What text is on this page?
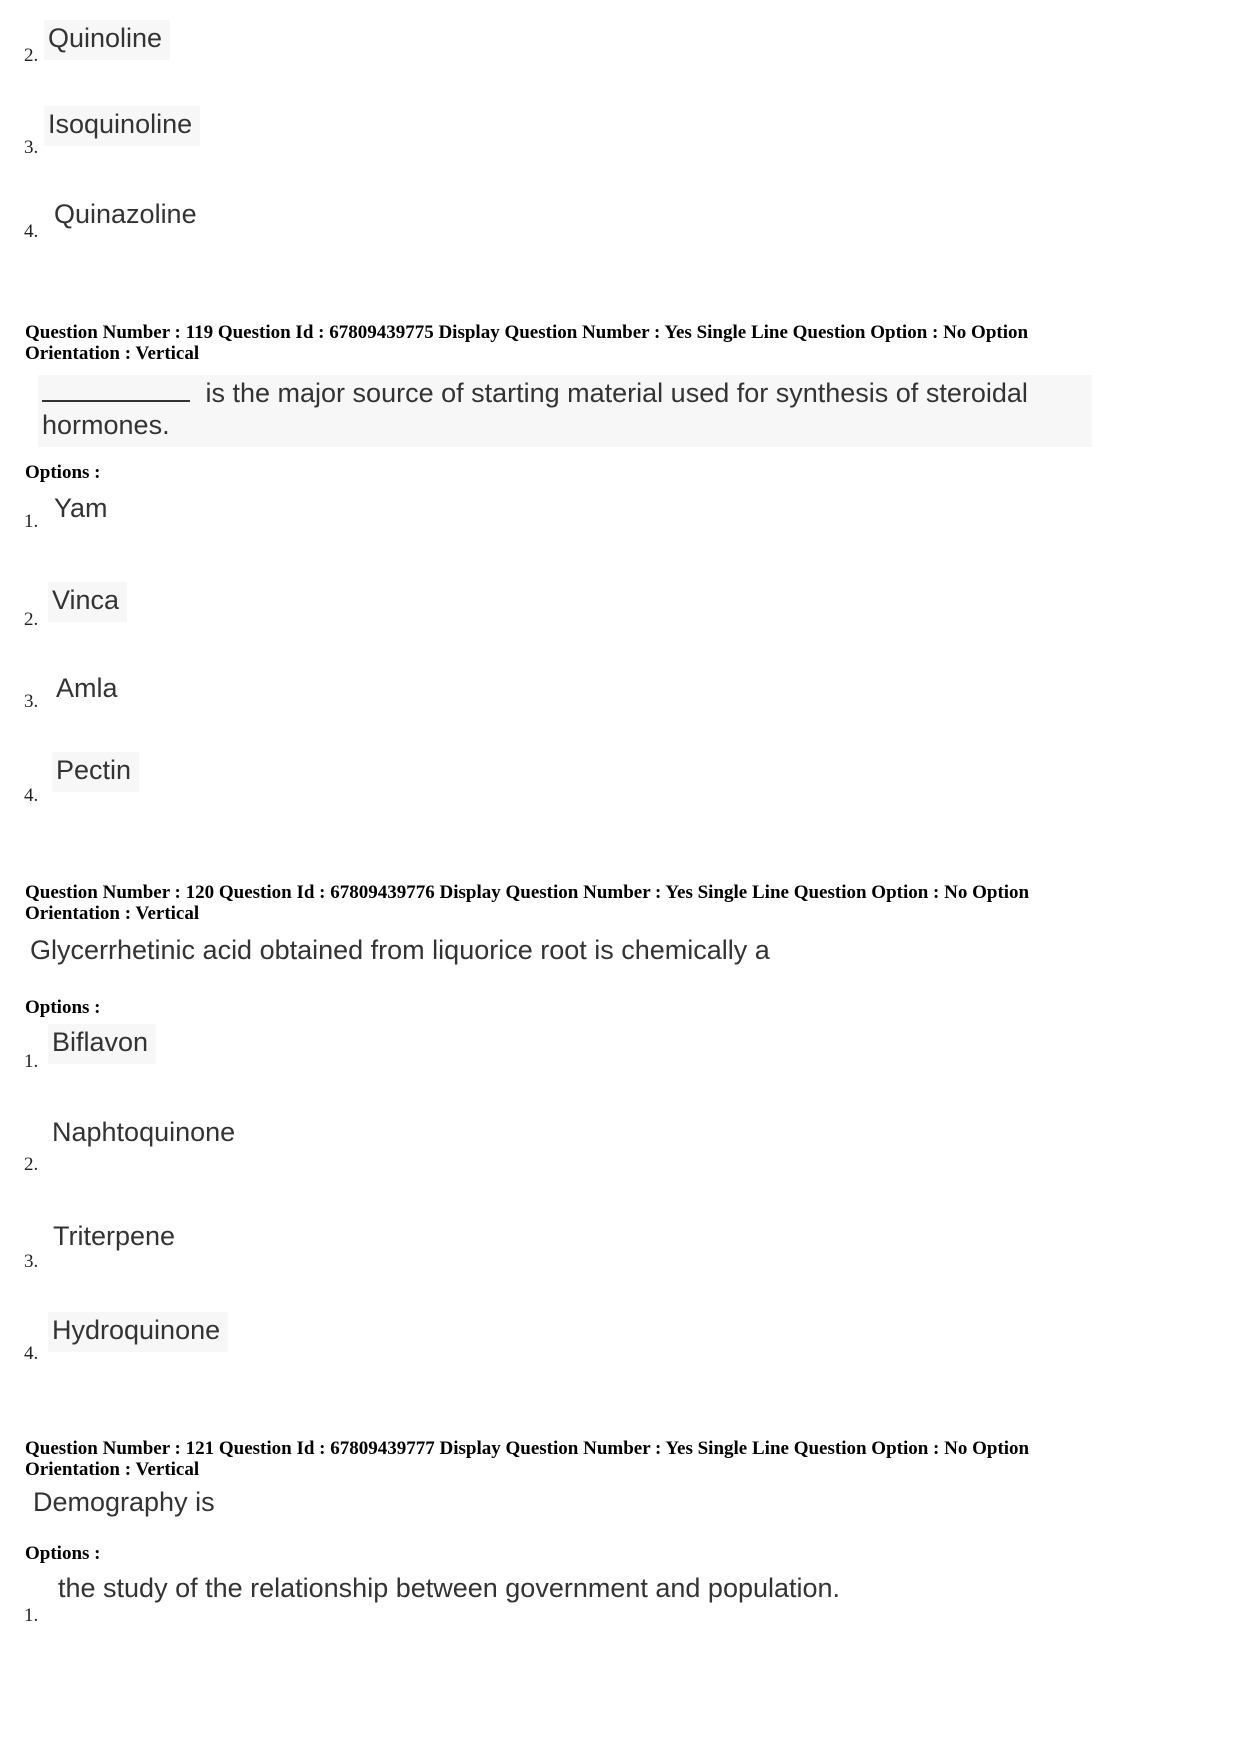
Quinoline
2.
Isoquinoline
3.
Quinazoline
4.
Question Number : 119 Question Id : 67809439775 Display Question Number : Yes Single Line Question Option : No Option
Orientation : Vertical
is the major source of starting material used for synthesis of steroidal
hormones.
Options :
Yam
1.
Vinca
2.
Amla
3.
Pectin
4.
Question Number : 120 Question Id : 67809439776 Display Question Number : Yes Single Line Question Option : No Option
Orientation : Vertical
Glycerrhetinic acid obtained from liquorice root is chemically a
Options :
Biflavon
1.
Naphtoquinone
2.
Triterpene
3.
Hydroquinone
4.
Question Number : 121 Question Id : 67809439777 Display Question Number : Yes Single Line Question Option : No Option
Orientation : Vertical
Demography is
Options :
the study of the relationship between government and population.
1.
